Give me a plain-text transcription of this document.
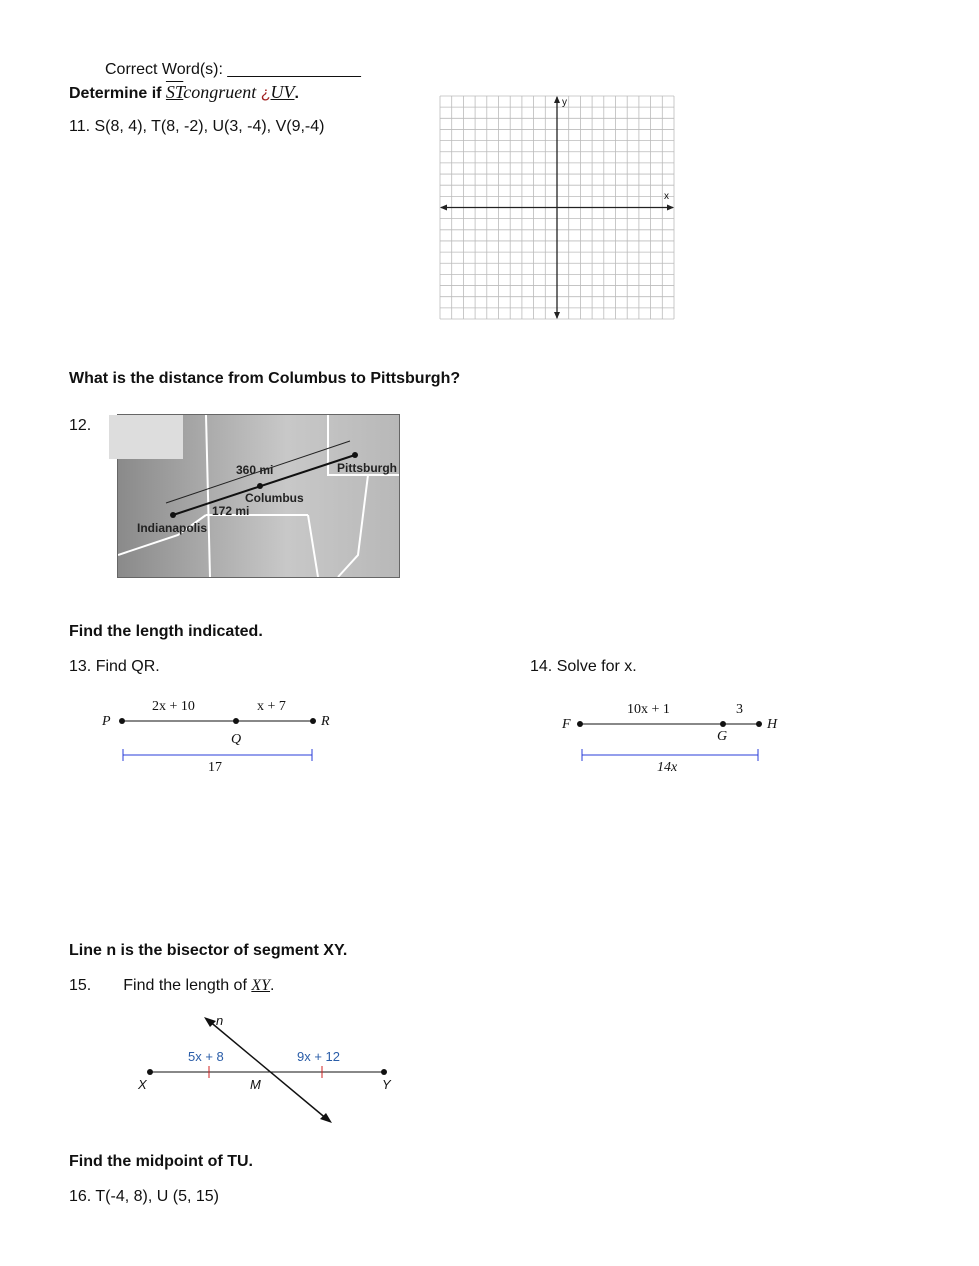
Correct Word(s): _______________
Determine if STcongruent ¿UV.
11. S(8, 4), T(8, -2), U(3, -4), V(9,-4)
y
x
What is the distance from Columbus to Pittsburgh?
12.
360 mi
172 mi
Indianapolis
Columbus
Pittsburgh
Find the length indicated.
13. Find QR.	14. Solve for x.
2x + 10	x + 7
P
Q
R
17
10x + 1	3
F
G
H
14x
Line n is the bisector of segment XY.
15. Find the length of XY.
n
5x + 8	9x + 12
X	M	Y
Find the midpoint of TU.
16. T(-4, 8), U (5, 15)
